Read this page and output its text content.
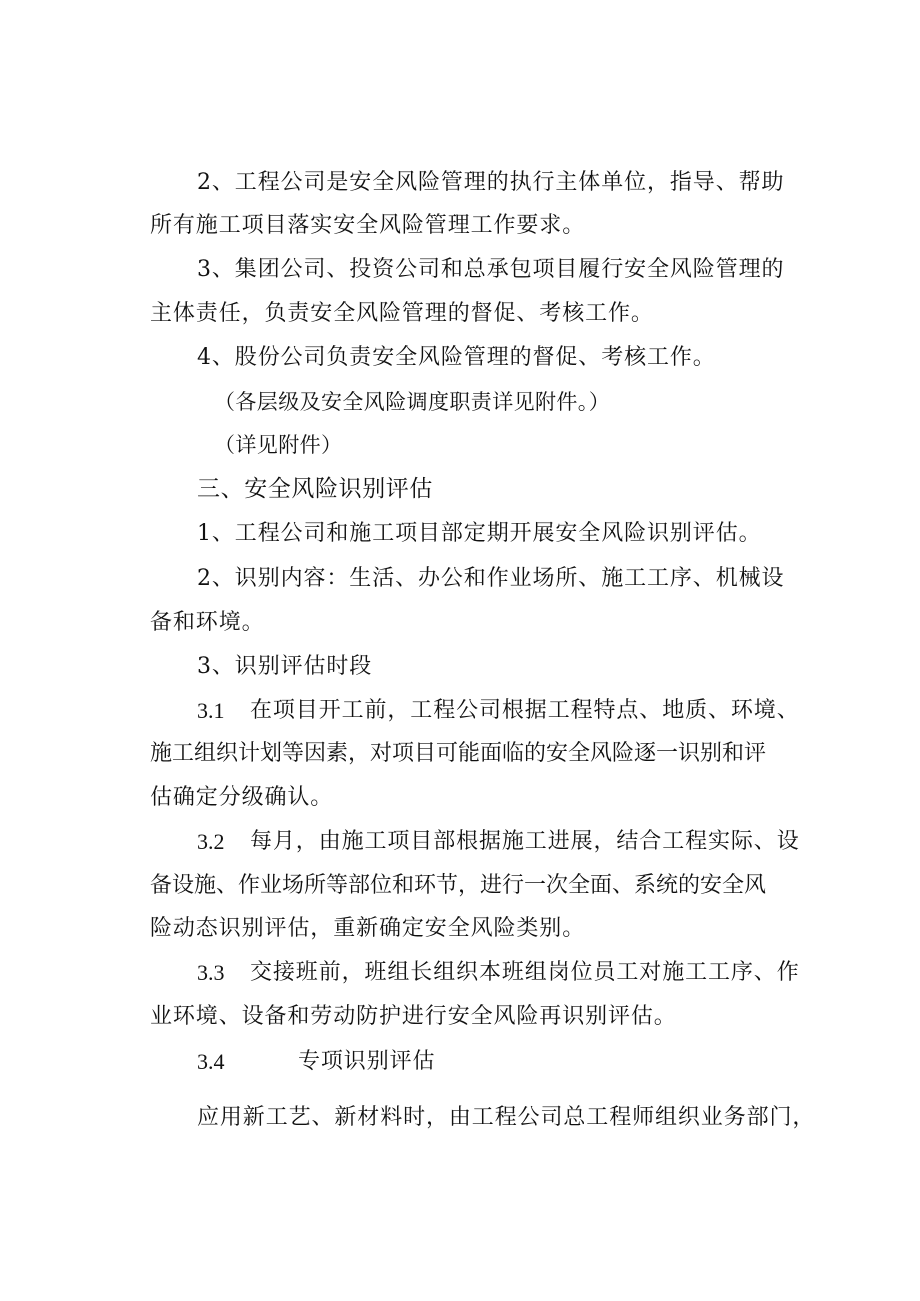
2、工程公司是安全风险管理的执行主体单位，指导、帮助
所有施工项目落实安全风险管理工作要求。
3、集团公司、投资公司和总承包项目履行安全风险管理的
主体责任，负责安全风险管理的督促、考核工作。
4、股份公司负责安全风险管理的督促、考核工作。
（各层级及安全风险调度职责详见附件。）
（详见附件）
三、安全风险识别评估
1、工程公司和施工项目部定期开展安全风险识别评估。
2、识别内容：生活、办公和作业场所、施工工序、机械设
备和环境。
3、识别评估时段
3.1 在项目开工前，工程公司根据工程特点、地质、环境、
施工组织计划等因素，对项目可能面临的安全风险逐一识别和评
估确定分级确认。
3.2 每月，由施工项目部根据施工进展，结合工程实际、设
备设施、作业场所等部位和环节，进行一次全面、系统的安全风
险动态识别评估，重新确定安全风险类别。
3.3 交接班前，班组长组织本班组岗位员工对施工工序、作
业环境、设备和劳动防护进行安全风险再识别评估。
3.4	专项识别评估
应用新工艺、新材料时，由工程公司总工程师组织业务部门，
